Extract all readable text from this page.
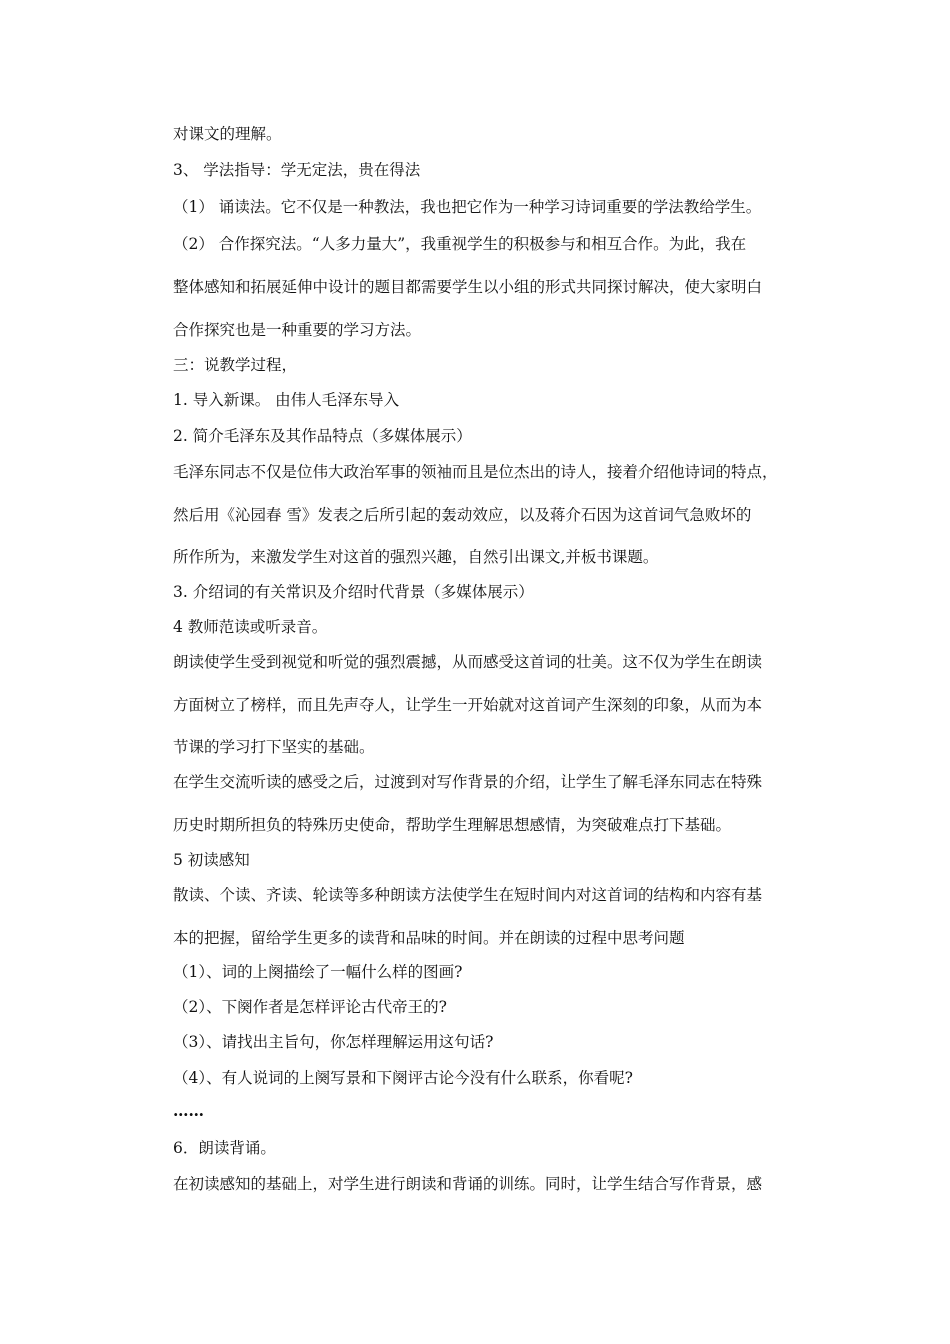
对课文的理解。
3、 学法指导：学无定法，贵在得法
（1） 诵读法。它不仅是一种教法，我也把它作为一种学习诗词重要的学法教给学生。
（2） 合作探究法。“人多力量大”，我重视学生的积极参与和相互合作。为此，我在
整体感知和拓展延伸中设计的题目都需要学生以小组的形式共同探讨解决，使大家明白
合作探究也是一种重要的学习方法。
三：说教学过程，
1. 导入新课。 由伟人毛泽东导入
2. 简介毛泽东及其作品特点（多媒体展示）
毛泽东同志不仅是位伟大政治军事的领袖而且是位杰出的诗人，接着介绍他诗词的特点，
然后用《沁园春 雪》发表之后所引起的轰动效应，以及蒋介石因为这首词气急败坏的
所作所为，来激发学生对这首的强烈兴趣，自然引出课文,并板书课题。
3. 介绍词的有关常识及介绍时代背景（多媒体展示）
4 教师范读或听录音。
朗读使学生受到视觉和听觉的强烈震撼，从而感受这首词的壮美。这不仅为学生在朗读
方面树立了榜样，而且先声夺人，让学生一开始就对这首词产生深刻的印象，从而为本
节课的学习打下坚实的基础。
在学生交流听读的感受之后，过渡到对写作背景的介绍，让学生了解毛泽东同志在特殊
历史时期所担负的特殊历史使命，帮助学生理解思想感情，为突破难点打下基础。
5 初读感知
散读、个读、齐读、轮读等多种朗读方法使学生在短时间内对这首词的结构和内容有基
本的把握，留给学生更多的读背和品味的时间。并在朗读的过程中思考问题
（1）、词的上阕描绘了一幅什么样的图画?
（2）、下阕作者是怎样评论古代帝王的?
（3）、请找出主旨句，你怎样理解运用这句话?
（4）、有人说词的上阕写景和下阕评古论今没有什么联系，你看呢?
……
6．朗读背诵。
在初读感知的基础上，对学生进行朗读和背诵的训练。同时，让学生结合写作背景，感
